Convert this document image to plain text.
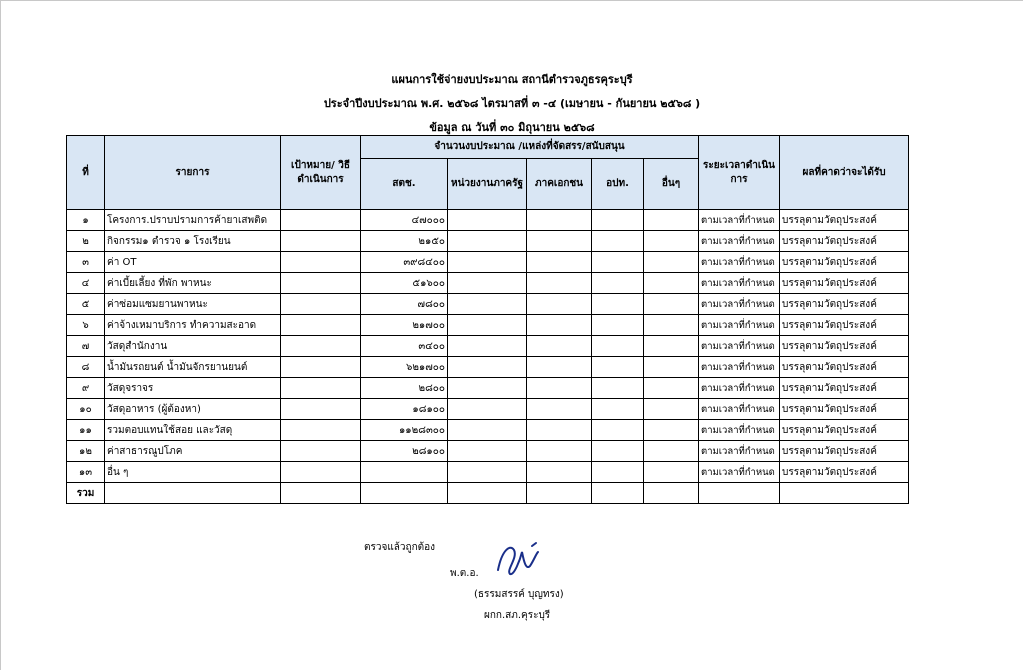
แผนการใช้จ่ายงบประมาณ สถานีตำรวจภูธรคุระบุรี
ประจำปีงบประมาณ พ.ศ. ๒๕๖๘ ไตรมาสที่ ๓ -๔ (เมษายน - กันยายน ๒๕๖๘ )
ข้อมูล ณ วันที่ ๓๐ มิถุนายน ๒๕๖๘
ที่	รายการ	เป้าหมาย/ วิธีดำเนินการ	จำนวนงบประมาณ /แหล่งที่จัดสรร/สนับสนุน					ระยะเวลาดำเนินการ	ผลที่คาดว่าจะได้รับ
			สตช.	หน่วยงานภาครัฐ	ภาคเอกชน	อปท.	อื่นๆ		
๑	โครงการ.ปราบปรามการค้ายาเสพติด		๔๗๐๐๐					ตามเวลาที่กำหนด	บรรลุตามวัตถุประสงค์
๒	กิจกรรม๑ ตำรวจ ๑ โรงเรียน		๒๑๕๐					ตามเวลาที่กำหนด	บรรลุตามวัตถุประสงค์
๓	ค่า OT		๓๙๘๔๐๐					ตามเวลาที่กำหนด	บรรลุตามวัตถุประสงค์
๔	ค่าเบี้ยเลี้ยง ที่พัก พาหนะ		๕๑๖๐๐					ตามเวลาที่กำหนด	บรรลุตามวัตถุประสงค์
๕	ค่าซ่อมแซมยานพาหนะ		๗๘๐๐					ตามเวลาที่กำหนด	บรรลุตามวัตถุประสงค์
๖	ค่าจ้างเหมาบริการ ทำความสะอาด		๒๑๗๐๐					ตามเวลาที่กำหนด	บรรลุตามวัตถุประสงค์
๗	วัสดุสำนักงาน		๓๔๐๐					ตามเวลาที่กำหนด	บรรลุตามวัตถุประสงค์
๘	น้ำมันรถยนต์ น้ำมันจักรยานยนต์		๖๒๑๗๐๐					ตามเวลาที่กำหนด	บรรลุตามวัตถุประสงค์
๙	วัสดุจราจร		๒๘๐๐					ตามเวลาที่กำหนด	บรรลุตามวัตถุประสงค์
๑๐	วัสดุอาหาร (ผู้ต้องหา)		๑๘๑๐๐					ตามเวลาที่กำหนด	บรรลุตามวัตถุประสงค์
๑๑	รวมตอบแทนใช้สอย และวัสดุ		๑๑๒๘๓๐๐					ตามเวลาที่กำหนด	บรรลุตามวัตถุประสงค์
๑๒	ค่าสาธารณูปโภค		๒๘๑๐๐					ตามเวลาที่กำหนด	บรรลุตามวัตถุประสงค์
๑๓	อื่น ๆ							ตามเวลาที่กำหนด	บรรลุตามวัตถุประสงค์
รวม									
ตรวจแล้วถูกต้อง
พ.ต.อ.
(ธรรมสรรค์ บุญทรง)
ผกก.สภ.คุระบุรี
